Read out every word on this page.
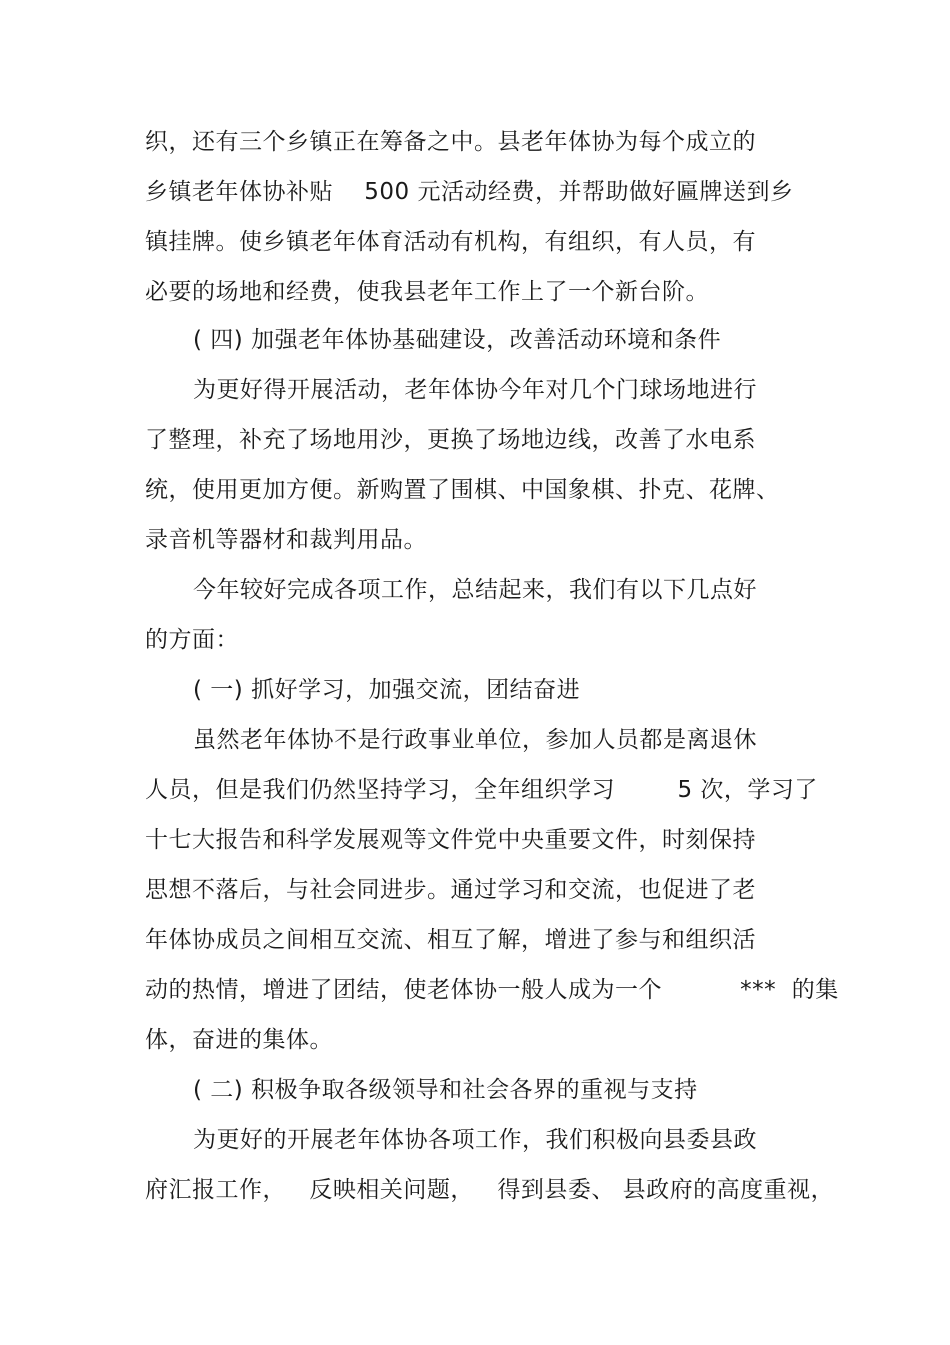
织，还有三个乡镇正在筹备之中。县老年体协为每个成立的
乡镇老年体协补贴    500 元活动经费，并帮助做好匾牌送到乡
镇挂牌。使乡镇老年体育活动有机构，有组织，有人员，有
必要的场地和经费，使我县老年工作上了一个新台阶。
( 四) 加强老年体协基础建设，改善活动环境和条件
为更好得开展活动，老年体协今年对几个门球场地进行
了整理，补充了场地用沙，更换了场地边线，改善了水电系
统，使用更加方便。新购置了围棋、中国象棋、扑克、花牌、
录音机等器材和裁判用品。
今年较好完成各项工作，总结起来，我们有以下几点好
的方面：
( 一) 抓好学习，加强交流，团结奋进
虽然老年体协不是行政事业单位，参加人员都是离退休
人员，但是我们仍然坚持学习，全年组织学习        5 次，学习了
十七大报告和科学发展观等文件党中央重要文件，时刻保持
思想不落后，与社会同进步。通过学习和交流，也促进了老
年体协成员之间相互交流、相互了解，增进了参与和组织活
动的热情，增进了团结，使老体协一般人成为一个          ***  的集
体，奋进的集体。
( 二) 积极争取各级领导和社会各界的重视与支持
为更好的开展老年体协各项工作，我们积极向县委县政
府汇报工作，   反映相关问题，   得到县委、 县政府的高度重视，
